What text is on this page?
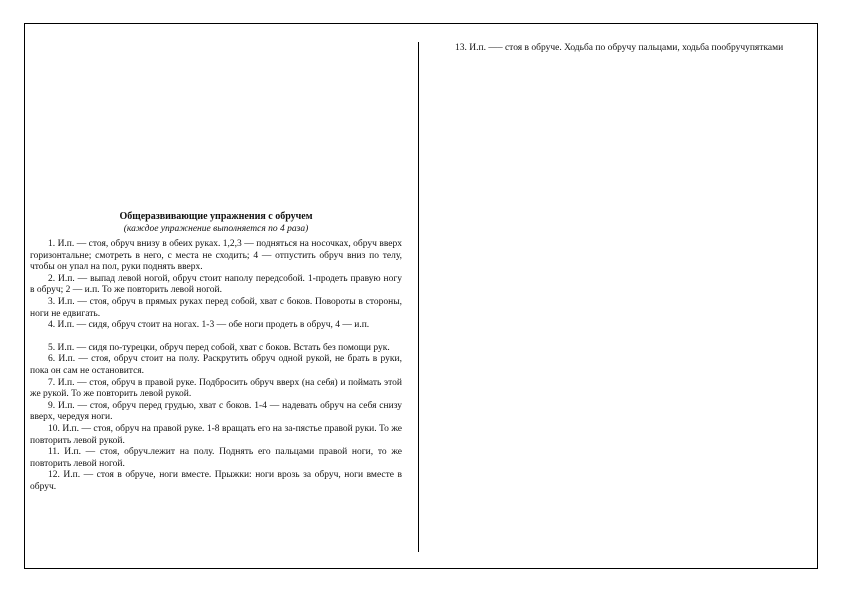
Общеразвивающие упражнения с обручем
(каждое упражнение выполняется по 4 раза)

1. И.п. — стоя, обруч внизу в обеих руках. 1,2,3 — подняться на носочках, обруч вверх горизонтальне; смотреть в него, с места не сходить; 4 — отпустить обруч вниз по телу, чтобы он упал на пол, руки поднять вверх.

2. И.п. — выпад левой ногой, обруч стоит наполу передсобой. 1-продеть правую ногу в обруч; 2 — и.п. То же повторить левой ногой.

3. И.п. — стоя, обруч в прямых руках перед собой, хват с боков. Повороты в стороны, ноги не едвигать.

4. И.п. — сидя, обруч стоит на ногах. 1-3 — обе ноги продеть в обруч, 4 — и.п.

5. И.п. — сидя по-турецки, обруч перед собой, хват с боков. Встать без помощи рук.

6. И.п. — стоя, обруч стоит на полу. Раскрутить обруч одной рукой, не брать в руки, пока он сам не остановится.

7. И.п. — стоя, обруч в правой руке. Подбросить обруч вверх (на себя) и поймать этой же рукой. То же повторить левой рукой.

9. И.п. — стоя, обруч перед грудью, хват с боков. 1-4 — надевать обруч на себя снизу вверх, чередуя ноги.

10. И.п. — стоя, обруч на правой руке. 1-8 вращать его на за-пястье правой руки. То же повторить левой рукой.

11. И.п. — стоя, обруч.лежит на полу. Поднять его пальцами правой ноги, то же повторить левой ногой.

12. И.п. — стоя в обруче, ноги вместе. Прыжки: ноги врозь за обруч, ноги вместе в обруч.

13. И.п. —– стоя в обруче. Ходьба по обручу пальцами, ходьба пообручупятками
